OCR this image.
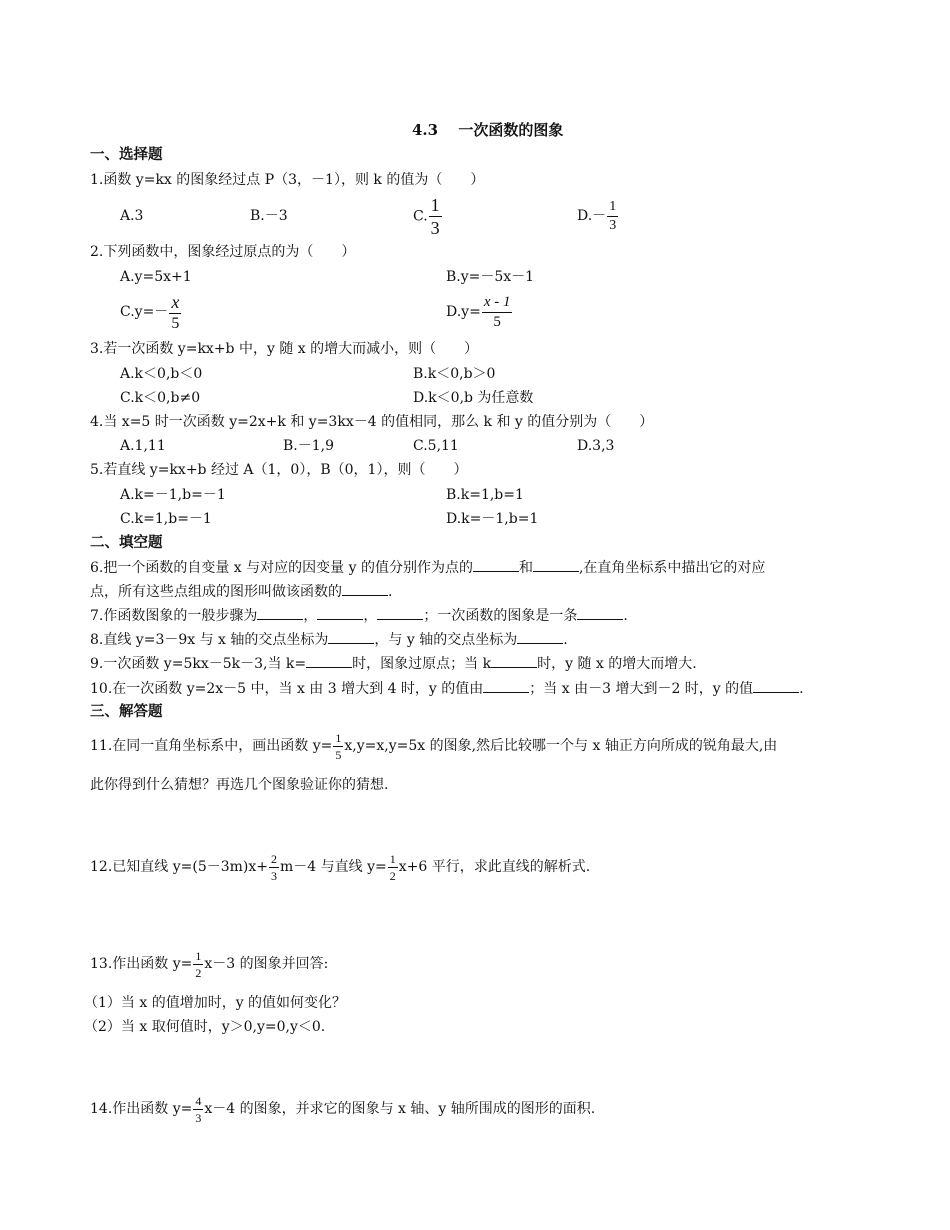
4.3　 一次函数的图象
一、选择题
1.函数 y=kx 的图象经过点 P（3，－1），则 k 的值为（　　）
A.3	B.－3	C. $\frac{1}{3}$	$D.- \frac{1}{3}$
2.下列函数中，图象经过原点的为（　　）
A.y=5x+1	B.y=－5x－1
$C.y=- \frac{x}{5}$	$D.y= \frac{x - 1}{5}$
3.若一次函数 y=kx+b 中，y 随 x 的增大而减小，则（　　）
A.k＜0,b＜0	B.k＜0,b＞0
C.k＜0,b≠0	D.k＜0,b 为任意数
4.当 x=5 时一次函数 y=2x+k 和 y=3kx－4 的值相同，那么 k 和 y 的值分别为（　　）
A.1,11	B.－1,9	C.5,11	D.3,3
5.若直线 y=kx+b 经过 A（1，0），B（0，1），则（　　）
A.k=－1,b=－1	B.k=1,b=1
C.k=1,b=－1	D.k=－1,b=1
二、填空题
6.把一个函数的自变量 x 与对应的因变量 y 的值分别作为点的	和	,在直角坐标系中描出它的对应
点，所有这些点组成的图形叫做该函数的	.
7.作函数图象的一般步骤为	，	，	；一次函数的图象是一条	.
8.直线 y=3－9x 与 x 轴的交点坐标为	，与 y 轴的交点坐标为	.
9.一次函数 y=5kx－5k－3,当 k=	时，图象过原点；当 k	时，y 随 x 的增大而增大.
10.在一次函数 y=2x－5 中，当 x 由 3 增大到 4 时，y 的值由	；当 x 由－3 增大到－2 时，y 的值	.
三、解答题
11.在同一直角坐标系中，画出函数 $y= \frac{1}{5} x,y=x,y=5x$ 的图象,然后比较哪一个与 x 轴正方向所成的锐角最大,由
此你得到什么猜想？再选几个图象验证你的猜想.
12.已知直线 $y=(5-3m)x+ \frac{2}{3} m-4$ 与直线 $y= \frac{1}{2} x+6$ 平行，求此直线的解析式.
13.作出函数 $y= \frac{1}{2} x-3$ 的图象并回答:
（1）当 x 的值增加时，y 的值如何变化？
（2）当 x 取何值时，y＞0,y=0,y＜0.
14.作出函数 $y= \frac{4}{3} x-4$ 的图象，并求它的图象与 x 轴、y 轴所围成的图形的面积.
